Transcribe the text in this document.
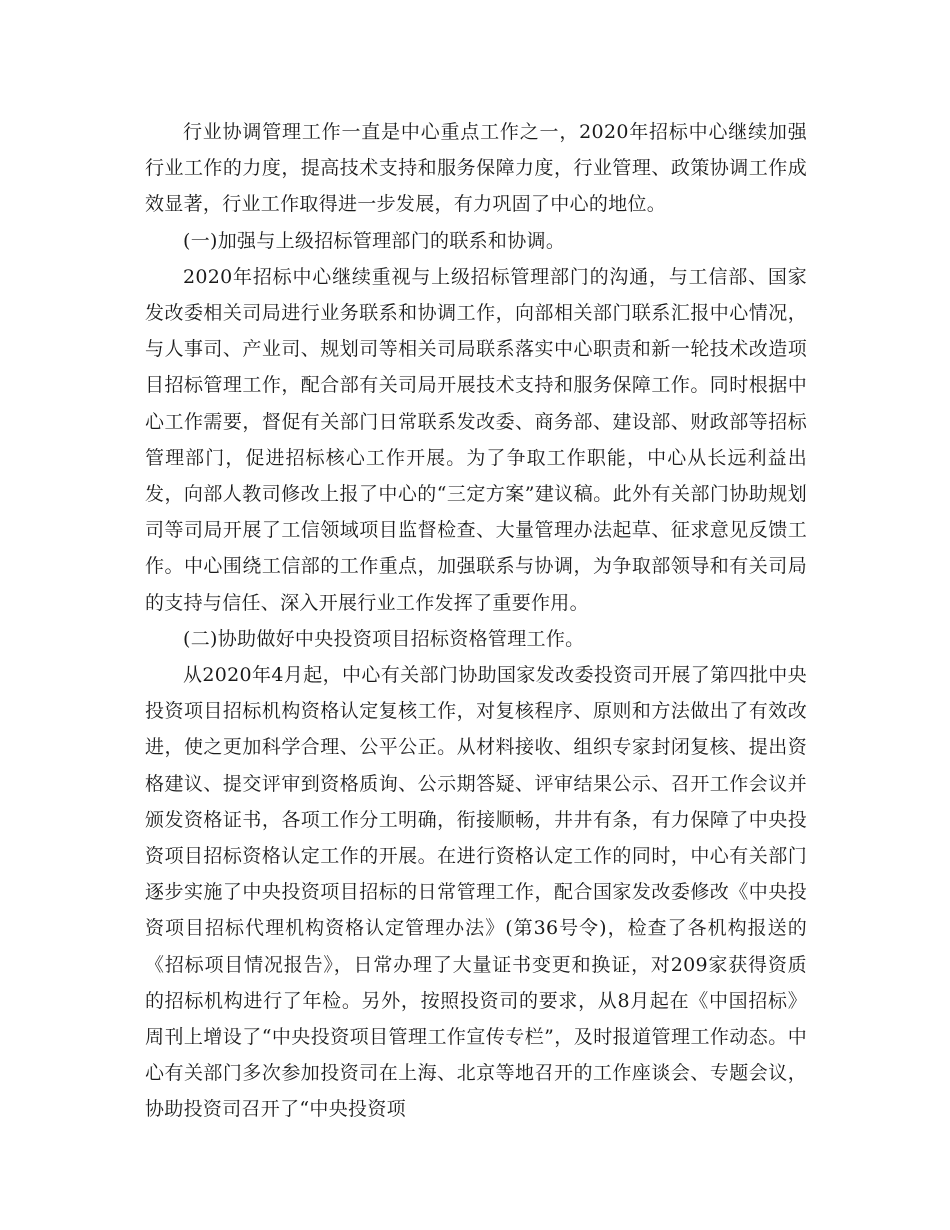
行业协调管理工作一直是中心重点工作之一，2020年招标中心继续加强行业工作的力度，提高技术支持和服务保障力度，行业管理、政策协调工作成效显著，行业工作取得进一步发展，有力巩固了中心的地位。

(一)加强与上级招标管理部门的联系和协调。

2020年招标中心继续重视与上级招标管理部门的沟通，与工信部、国家发改委相关司局进行业务联系和协调工作，向部相关部门联系汇报中心情况，与人事司、产业司、规划司等相关司局联系落实中心职责和新一轮技术改造项目招标管理工作，配合部有关司局开展技术支持和服务保障工作。同时根据中心工作需要，督促有关部门日常联系发改委、商务部、建设部、财政部等招标管理部门，促进招标核心工作开展。为了争取工作职能，中心从长远利益出发，向部人教司修改上报了中心的“三定方案”建议稿。此外有关部门协助规划司等司局开展了工信领域项目监督检查、大量管理办法起草、征求意见反馈工作。中心围绕工信部的工作重点，加强联系与协调，为争取部领导和有关司局的支持与信任、深入开展行业工作发挥了重要作用。

(二)协助做好中央投资项目招标资格管理工作。

从2020年4月起，中心有关部门协助国家发改委投资司开展了第四批中央投资项目招标机构资格认定复核工作，对复核程序、原则和方法做出了有效改进，使之更加科学合理、公平公正。从材料接收、组织专家封闭复核、提出资格建议、提交评审到资格质询、公示期答疑、评审结果公示、召开工作会议并颁发资格证书，各项工作分工明确，衔接顺畅，井井有条，有力保障了中央投资项目招标资格认定工作的开展。在进行资格认定工作的同时，中心有关部门逐步实施了中央投资项目招标的日常管理工作，配合国家发改委修改《中央投资项目招标代理机构资格认定管理办法》(第36号令)，检查了各机构报送的《招标项目情况报告》，日常办理了大量证书变更和换证，对209家获得资质的招标机构进行了年检。另外，按照投资司的要求，从8月起在《中国招标》周刊上增设了“中央投资项目管理工作宣传专栏”，及时报道管理工作动态。中心有关部门多次参加投资司在上海、北京等地召开的工作座谈会、专题会议，协助投资司召开了“中央投资项
